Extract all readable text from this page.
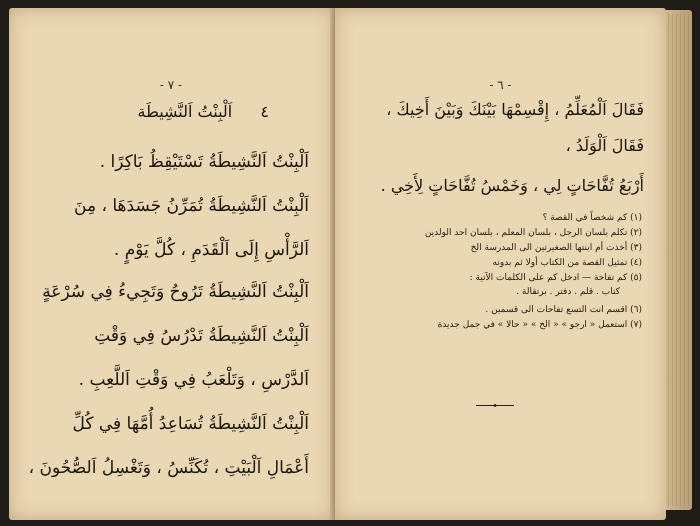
- ٧ -
٤  اَلْبِنْتُ اَلنَّشِيطَة
اَلْبِنْتُ اَلنَّشِيطَةُ تَسْتَيْقِظُ بَاكِرًا .
اَلْبِنْتُ اَلنَّشِيطَةُ تُمَرِّنُ جَسَدَهَا ، مِنَ
اَلرَّأْسِ إِلَى اَلْقَدَمِ ، كُلَّ يَوْمٍ .
اَلْبِنْتُ اَلنَّشِيطَةُ تَرُوحُ وَتَجِيءُ فِي سُرْعَةٍ
اَلْبِنْتُ اَلنَّشِيطَةُ تَدْرُسُ فِي وَقْتِ
اَلدَّرْسِ ، وَتَلْعَبُ فِي وَقْتِ اَللَّعِبِ .
اَلْبِنْتُ اَلنَّشِيطَةُ تُسَاعِدُ أُمَّهَا فِي كُلِّ
أَعْمَالِ اَلْبَيْتِ ، تُكَنِّسُ ، وَتَغْسِلُ اَلصُّحُونَ ،
- ٦ -
فَقَالَ اَلْمُعَلِّمُ ، إِقْسِمْهَا بَيْنَكَ وَبَيْنَ أَخِيكَ ،
فَقَالَ اَلْوَلَدُ ،
أَرْبَعُ تُفَّاحَاتٍ لِي ، وَخَمْسُ تُفَّاحَاتٍ لِأَخِي .
(١) كم شخصاً في القصة ؟
(٢) تكلم بلسان الرجل ، بلسان المعلم ، بلسان احد الولدين
(٣) أخذت أم ابنتها الصغيرتين الى المدرسة الخ
(٤) تمثيل القصة من الكتاب أولا ثم بدونه
(٥) كم تفاحة — ادخل كم على الكلمات الآتية :
كتاب . قلم . دفتر . برتقالة .
(٦) اقسم انت التسع تفاحات الى قسمين .
(٧) استعمل « ارجو » « الخ » « حالا » في جمل جديدة
